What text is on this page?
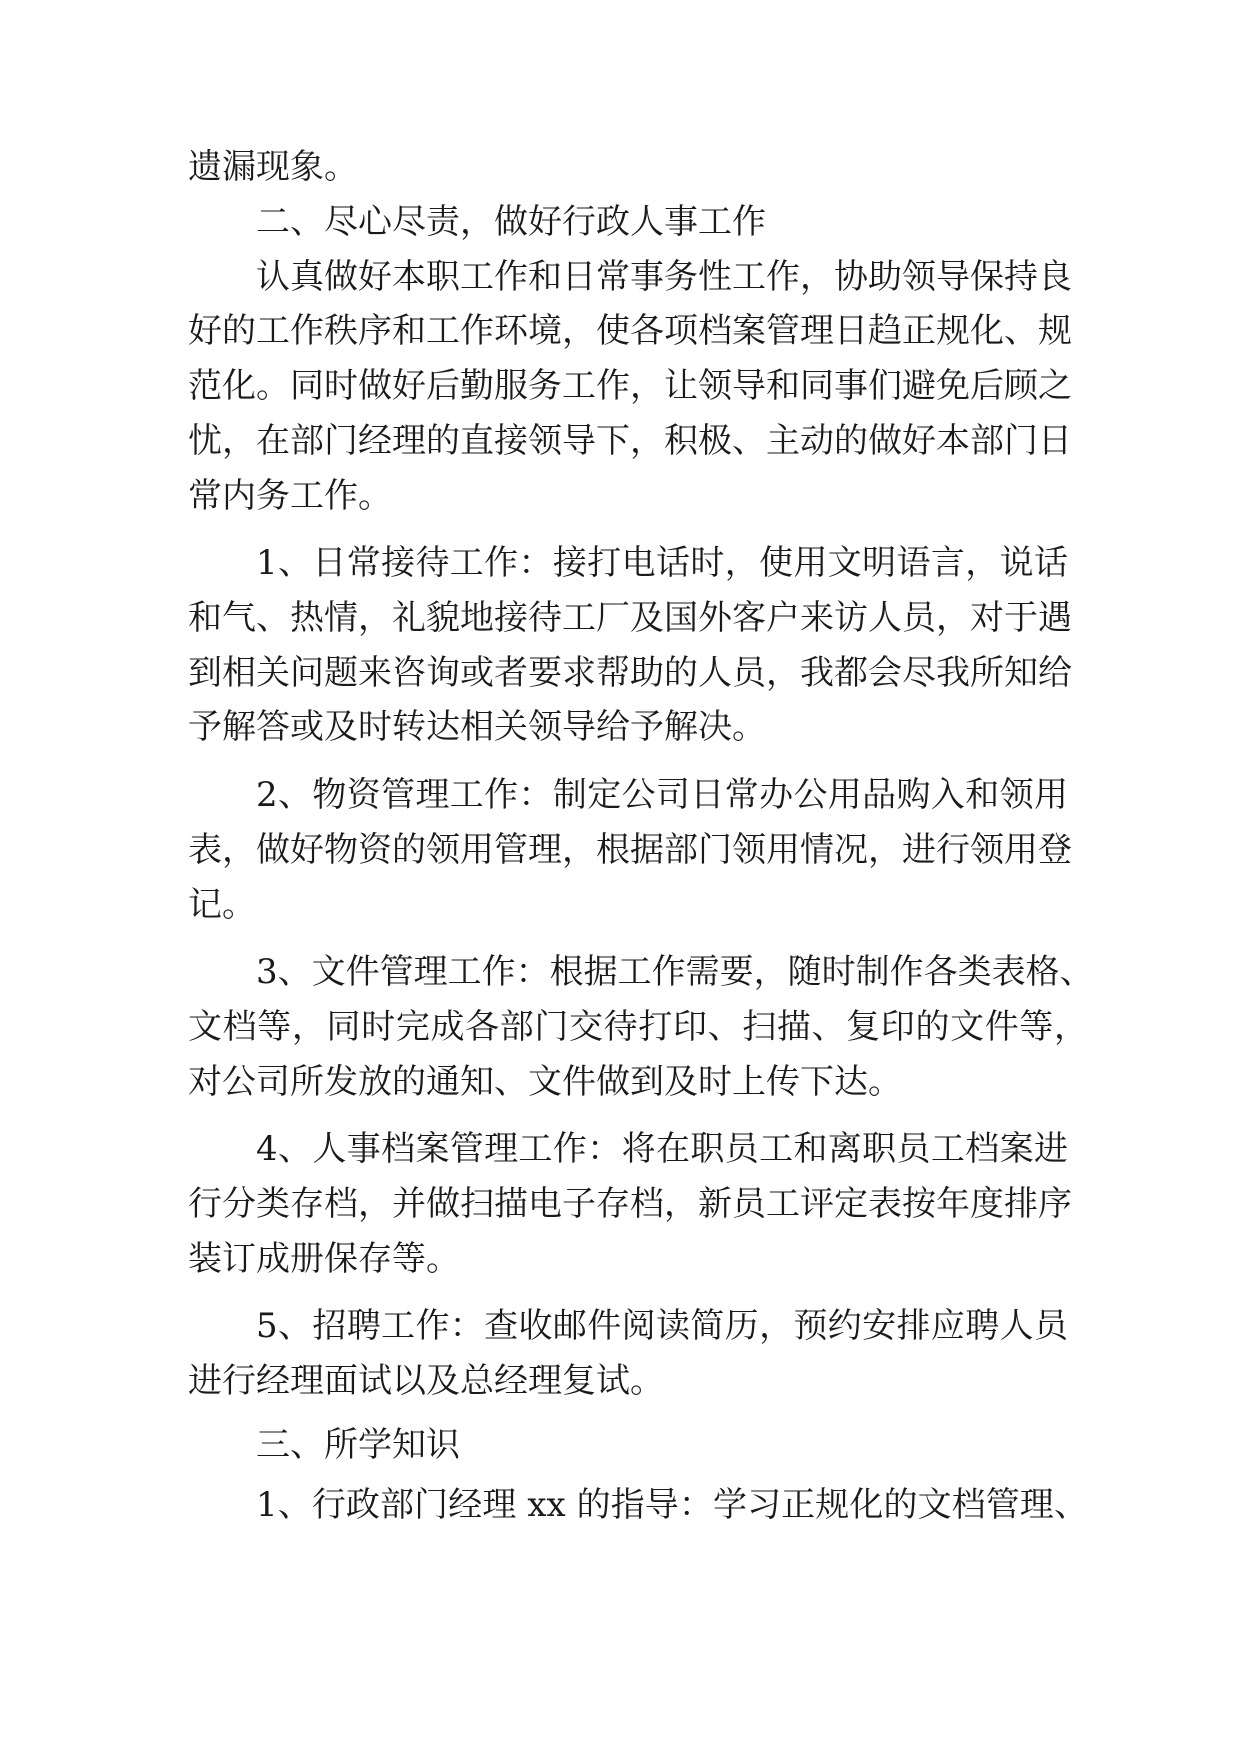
遗漏现象。

二、尽心尽责，做好行政人事工作

认真做好本职工作和日常事务性工作，协助领导保持良

好的工作秩序和工作环境，使各项档案管理日趋正规化、规

范化。同时做好后勤服务工作，让领导和同事们避免后顾之

忧，在部门经理的直接领导下，积极、主动的做好本部门日

常内务工作。

1、日常接待工作：接打电话时，使用文明语言，说话

和气、热情，礼貌地接待工厂及国外客户来访人员，对于遇

到相关问题来咨询或者要求帮助的人员，我都会尽我所知给

予解答或及时转达相关领导给予解决。

2、物资管理工作：制定公司日常办公用品购入和领用

表，做好物资的领用管理，根据部门领用情况，进行领用登

记。

3、文件管理工作：根据工作需要，随时制作各类表格、

文档等，同时完成各部门交待打印、扫描、复印的文件等，

对公司所发放的通知、文件做到及时上传下达。

4、人事档案管理工作：将在职员工和离职员工档案进

行分类存档，并做扫描电子存档，新员工评定表按年度排序

装订成册保存等。

5、招聘工作：查收邮件阅读简历，预约安排应聘人员

进行经理面试以及总经理复试。

三、所学知识

1、行政部门经理 xx 的指导：学习正规化的文档管理、
